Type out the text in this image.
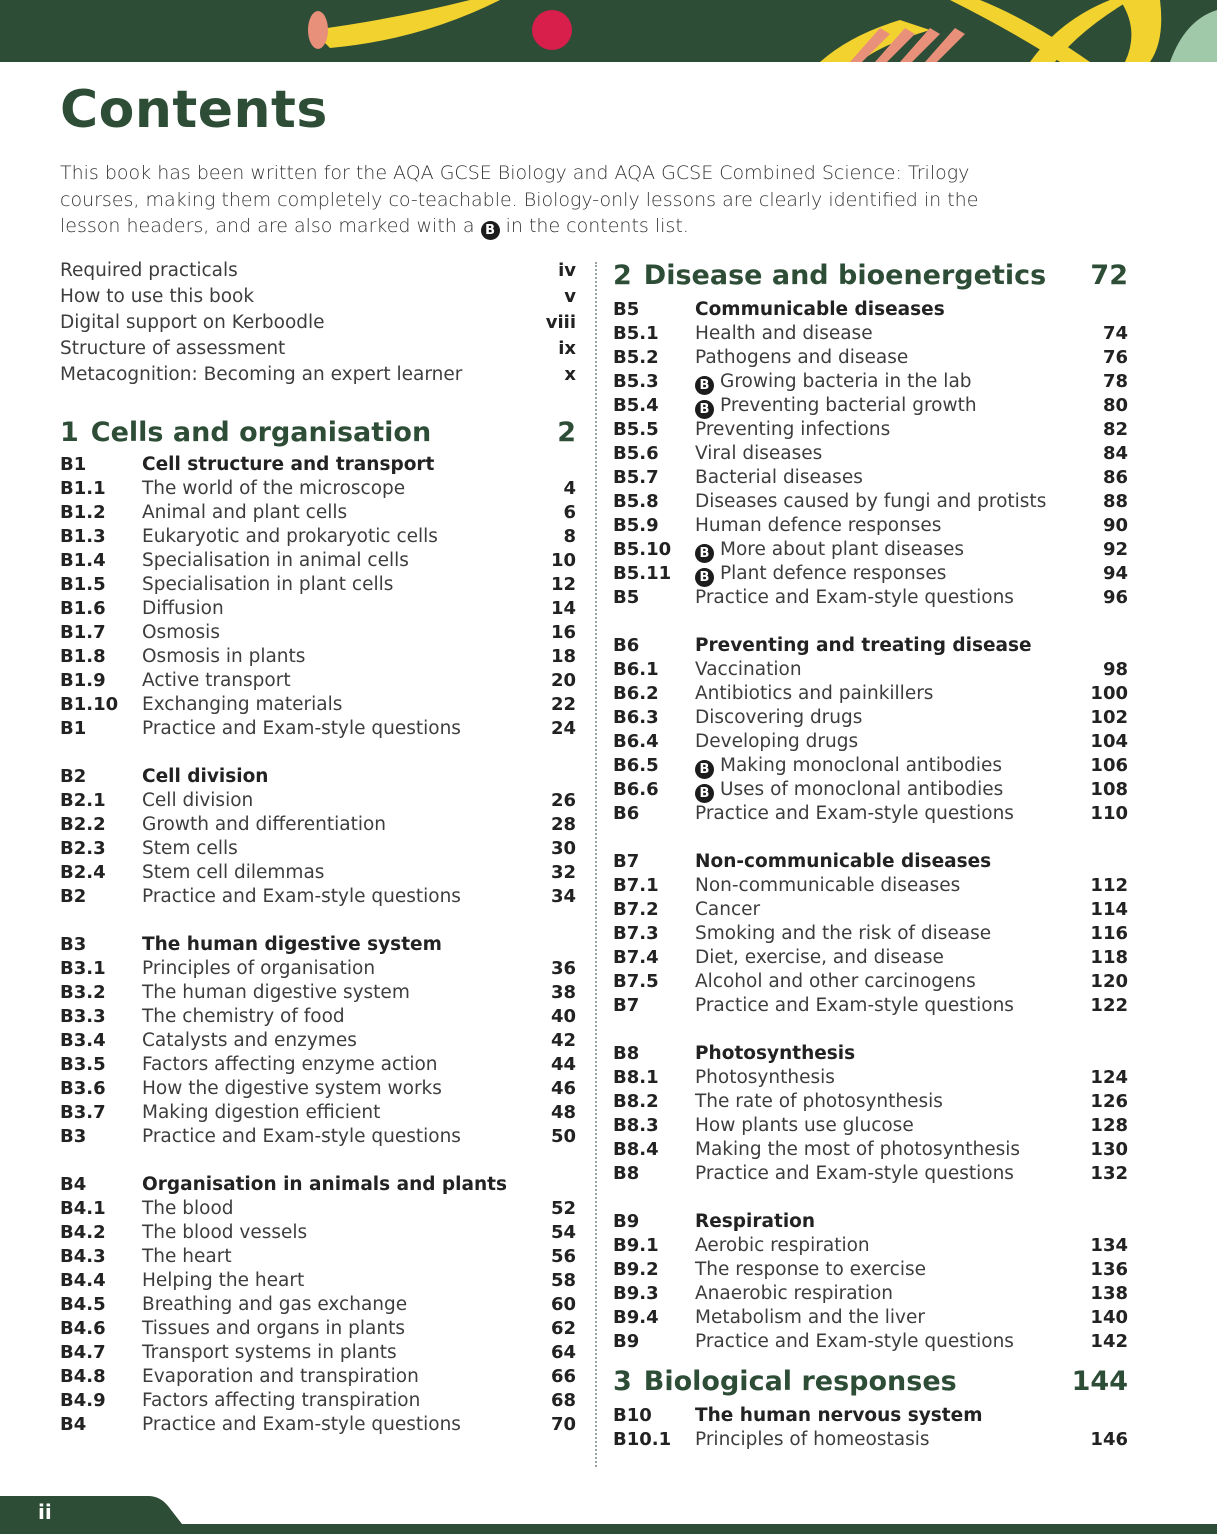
Contents

This book has been written for the AQA GCSE Biology and AQA GCSE Combined Science: Trilogy courses, making them completely co-teachable. Biology-only lessons are clearly identified in the lesson headers, and are also marked with a B in the contents list.

Required practicals	iv
How to use this book	v
Digital support on Kerboodle	viii
Structure of assessment	ix
Metacognition: Becoming an expert learner	x
1 Cells and organisation	2
B1	Cell structure and transport
B1.1	The world of the microscope	4
B1.2	Animal and plant cells	6
B1.3	Eukaryotic and prokaryotic cells	8
B1.4	Specialisation in animal cells	10
B1.5	Specialisation in plant cells	12
B1.6	Diffusion	14
B1.7	Osmosis	16
B1.8	Osmosis in plants	18
B1.9	Active transport	20
B1.10	Exchanging materials	22
B1	Practice and Exam-style questions	24
B2	Cell division
B2.1	Cell division	26
B2.2	Growth and differentiation	28
B2.3	Stem cells	30
B2.4	Stem cell dilemmas	32
B2	Practice and Exam-style questions	34
B3	The human digestive system
B3.1	Principles of organisation	36
B3.2	The human digestive system	38
B3.3	The chemistry of food	40
B3.4	Catalysts and enzymes	42
B3.5	Factors affecting enzyme action	44
B3.6	How the digestive system works	46
B3.7	Making digestion efficient	48
B3	Practice and Exam-style questions	50
B4	Organisation in animals and plants
B4.1	The blood	52
B4.2	The blood vessels	54
B4.3	The heart	56
B4.4	Helping the heart	58
B4.5	Breathing and gas exchange	60
B4.6	Tissues and organs in plants	62
B4.7	Transport systems in plants	64
B4.8	Evaporation and transpiration	66
B4.9	Factors affecting transpiration	68
B4	Practice and Exam-style questions	70
2 Disease and bioenergetics 72
B5	Communicable diseases
B5.1	Health and disease	74
B5.2	Pathogens and disease	76
B5.3	B Growing bacteria in the lab	78
B5.4	B Preventing bacterial growth	80
B5.5	Preventing infections	82
B5.6	Viral diseases	84
B5.7	Bacterial diseases	86
B5.8	Diseases caused by fungi and protists	88
B5.9	Human defence responses	90
B5.10	B More about plant diseases	92
B5.11	B Plant defence responses	94
B5	Practice and Exam-style questions	96
B6	Preventing and treating disease
B6.1	Vaccination	98
B6.2	Antibiotics and painkillers	100
B6.3	Discovering drugs	102
B6.4	Developing drugs	104
B6.5	B Making monoclonal antibodies	106
B6.6	B Uses of monoclonal antibodies	108
B6	Practice and Exam-style questions	110
B7	Non-communicable diseases
B7.1	Non-communicable diseases	112
B7.2	Cancer	114
B7.3	Smoking and the risk of disease	116
B7.4	Diet, exercise, and disease	118
B7.5	Alcohol and other carcinogens	120
B7	Practice and Exam-style questions	122
B8	Photosynthesis
B8.1	Photosynthesis	124
B8.2	The rate of photosynthesis	126
B8.3	How plants use glucose	128
B8.4	Making the most of photosynthesis	130
B8	Practice and Exam-style questions	132
B9	Respiration
B9.1	Aerobic respiration	134
B9.2	The response to exercise	136
B9.3	Anaerobic respiration	138
B9.4	Metabolism and the liver	140
B9	Practice and Exam-style questions	142
3 Biological responses	144
B10	The human nervous system
B10.1	Principles of homeostasis	146
ii
